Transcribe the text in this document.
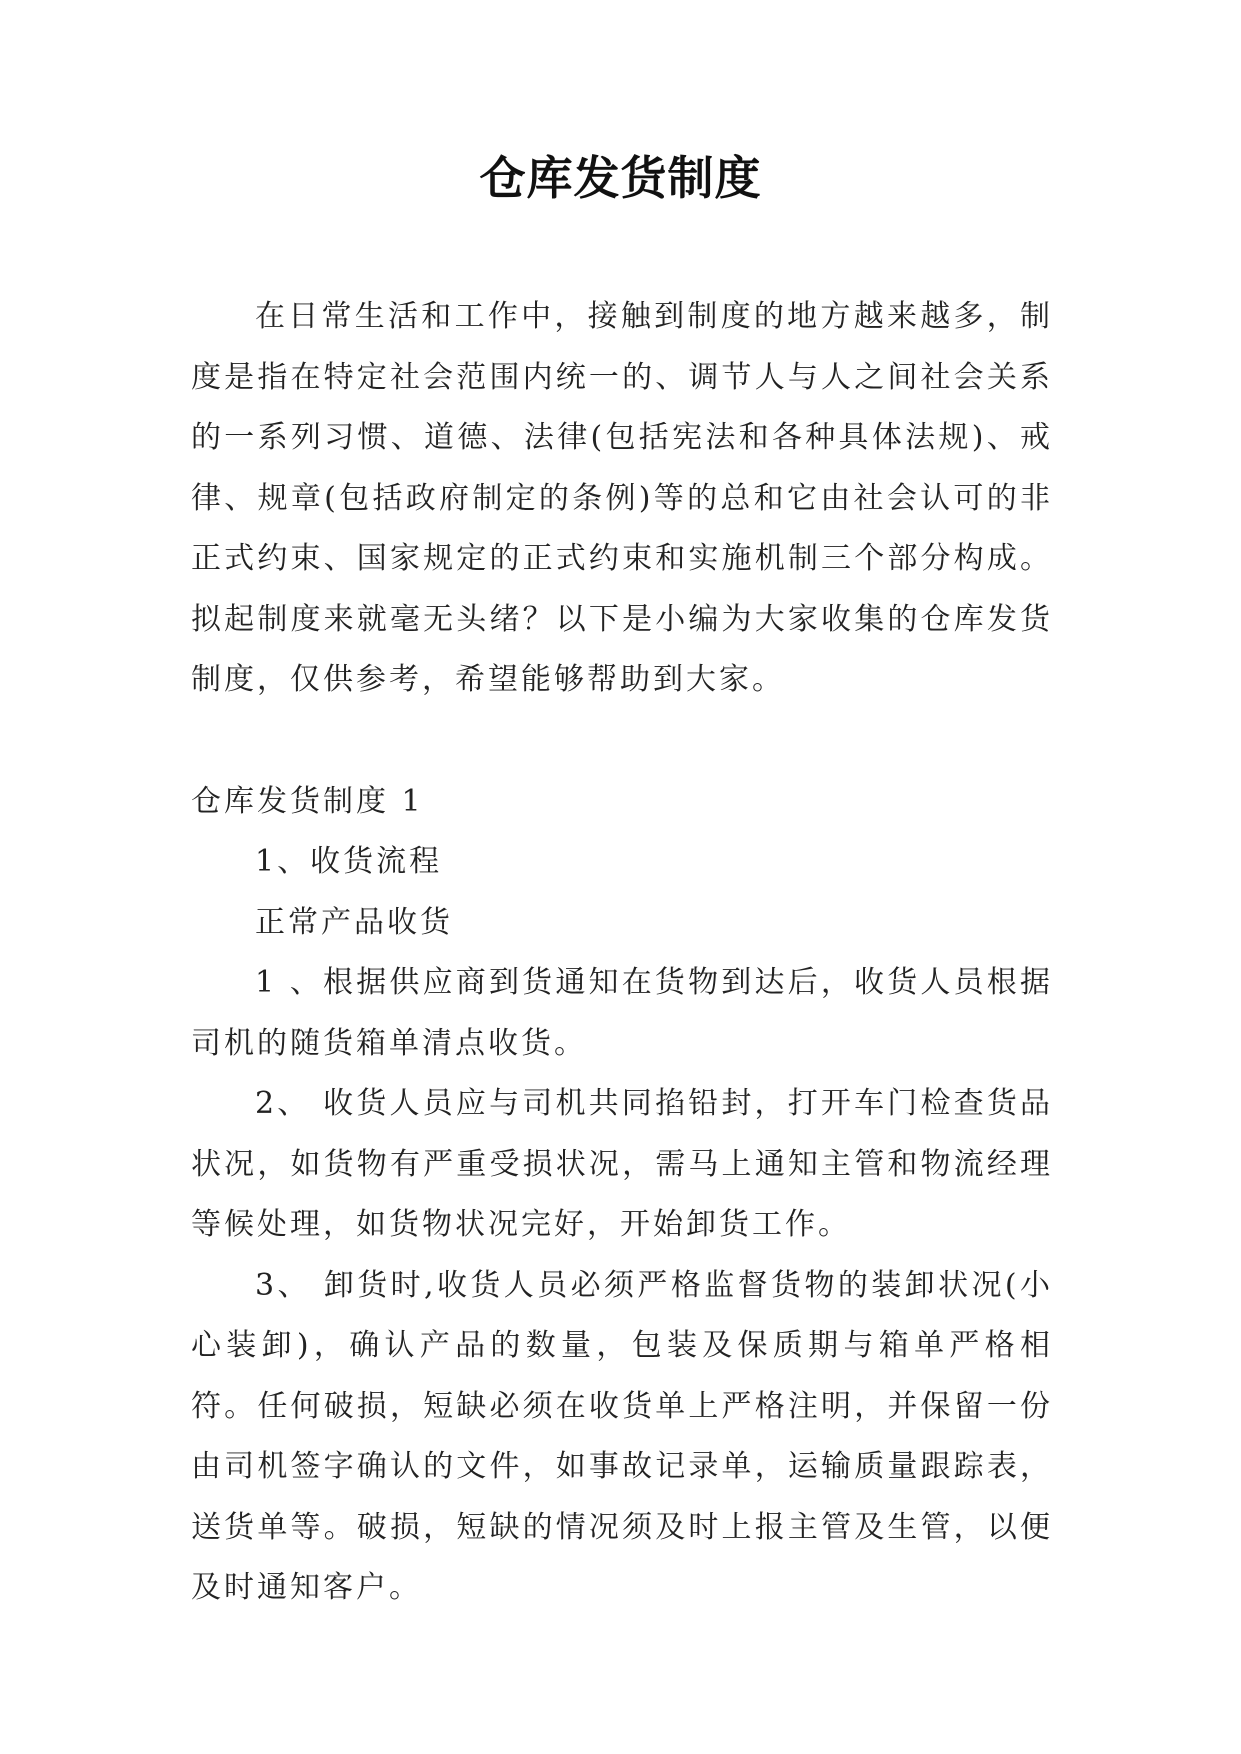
仓库发货制度

在日常生活和工作中，接触到制度的地方越来越多，制度是指在特定社会范围内统一的、调节人与人之间社会关系的一系列习惯、道德、法律(包括宪法和各种具体法规)、戒律、规章(包括政府制定的条例)等的总和它由社会认可的非正式约束、国家规定的正式约束和实施机制三个部分构成。拟起制度来就毫无头绪？以下是小编为大家收集的仓库发货制度，仅供参考，希望能够帮助到大家。

仓库发货制度 1

1、收货流程

正常产品收货

1 、根据供应商到货通知在货物到达后，收货人员根据司机的随货箱单清点收货。

2、 收货人员应与司机共同掐铅封，打开车门检查货品状况，如货物有严重受损状况，需马上通知主管和物流经理等候处理，如货物状况完好，开始卸货工作。

3、 卸货时,收货人员必须严格监督货物的装卸状况(小心装卸)，确认产品的数量，包装及保质期与箱单严格相符。任何破损，短缺必须在收货单上严格注明，并保留一份由司机签字确认的文件，如事故记录单，运输质量跟踪表，送货单等。破损，短缺的情况须及时上报主管及生管，以便及时通知客户。
